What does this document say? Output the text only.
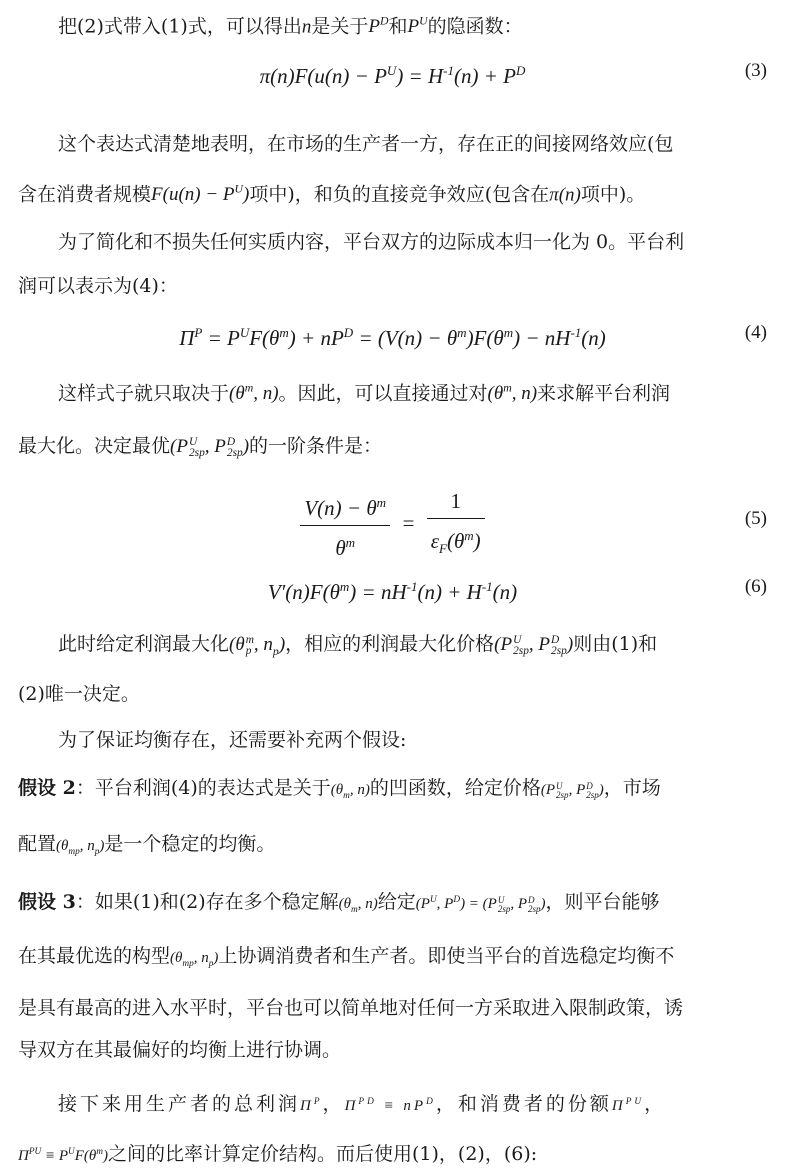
把(2)式带入(1)式，可以得出n是关于$P^D$和$P^U$的隐函数：
$\pi(n)F(u(n) - P^U) = H^{-1}(n) + P^D$	(3)
这个表达式清楚地表明，在市场的生产者一方，存在正的间接网络效应(包
含在消费者规模$F(u(n) - P^U)$项中)，和负的直接竞争效应(包含在π(n)项中)。
为了简化和不损失任何实质内容，平台双方的边际成本归一化为 0。平台利
润可以表示为(4)：
$\Pi^P = P^UF(\theta^m) + nP^D = (V(n) - \theta^m)F(\theta^m) - nH^{-1}(n)$	(4)
这样式子就只取决于($\theta^m$, n)。因此，可以直接通过对($\theta^m$, n)来求解平台利润
最大化。决定最优(PU
2sp, PD
2sp)的一阶条件是：
$\frac{V(n) - \theta^m}{\theta^m} = \frac{1}{\varepsilon_F(\theta^m)}$	(5)
$V'(n)F(\theta^m) = nH^{-1}(n) + H^{-1}(n)$	(6)
此时给定利润最大化(θm
p , $n_p$)，相应的利润最大化价格(PU
2sp, PD
2sp)则由(1)和
(2)唯一决定。
为了保证均衡存在，还需要补充两个假设:
假设 2：平台利润(4)的表达式是关于($\theta_m$, n)的凹函数，给定价格(PU
2sp, PD
2sp)，市场
配置($\theta_{mp}$, $n_p$)是一个稳定的均衡。
假设 3：如果(1)和(2)存在多个稳定解($\theta_m$, n)给定($P^U$, $P^D) = (PU$
2sp, PD
2sp)，则平台能够
在其最优选的构型($\theta_{mp}$, $n_p$)上协调消费者和生产者。即使当平台的首选稳定均衡不
是具有最高的进入水平时，平台也可以简单地对任何一方采取进入限制政策，诱
导双方在其最偏好的均衡上进行协调。
接下来用生产者的总利润$\Pi^P$，$\Pi^{PD} \equiv nP^D$，和消费者的份额$\Pi^{PU}$，
$\Pi^{PU} \equiv P^UF(\theta^m)$之间的比率计算定价结构。而后使用(1)，(2)，(6):
